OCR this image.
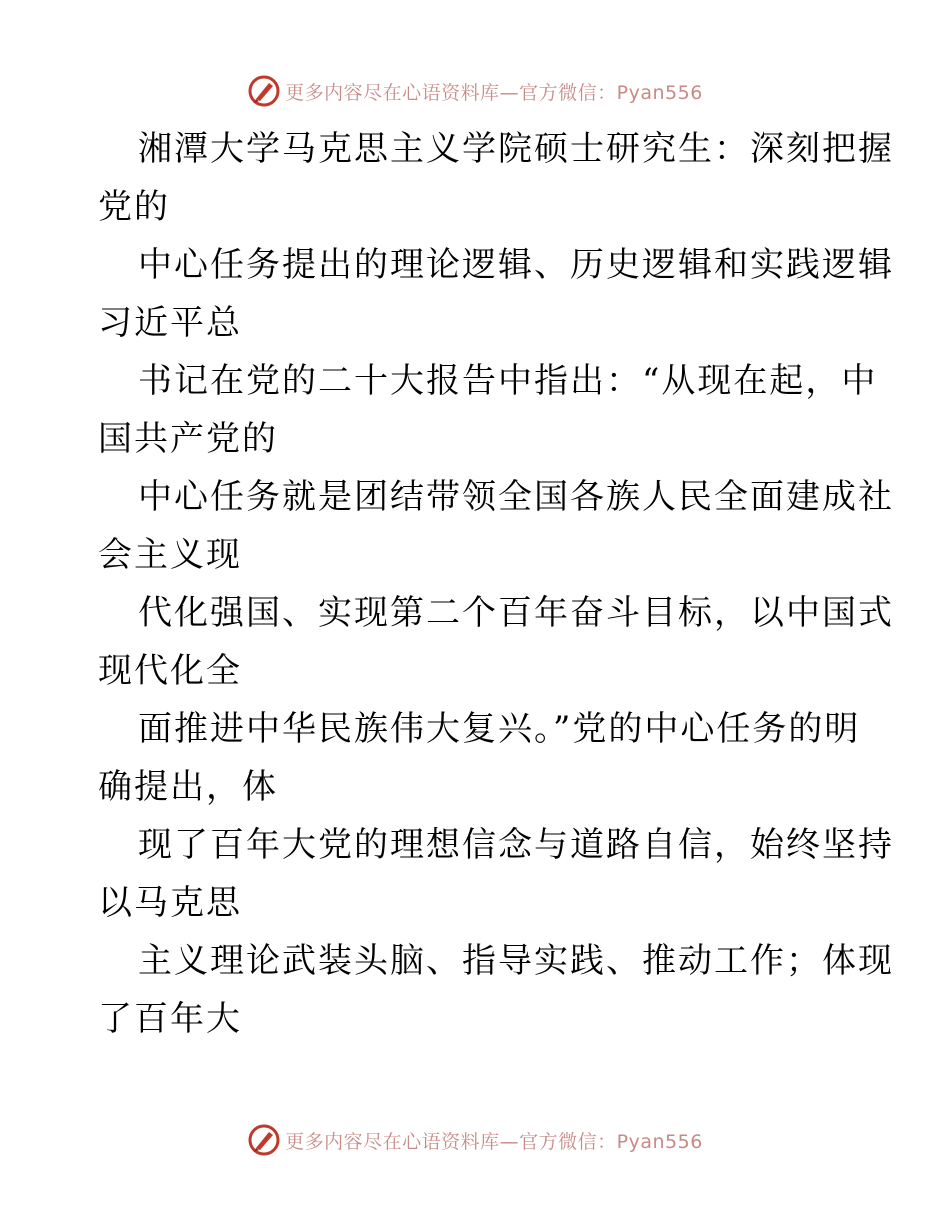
更多内容尽在心语资料库—官方微信：Pyan556
湘潭大学马克思主义学院硕士研究生：深刻把握
党的
中心任务提出的理论逻辑、历史逻辑和实践逻辑
习近平总
书记在党的二十大报告中指出：“从现在起，中
国共产党的
中心任务就是团结带领全国各族人民全面建成社
会主义现
代化强国、实现第二个百年奋斗目标，以中国式
现代化全
面推进中华民族伟大复兴。”党的中心任务的明
确提出，体
现了百年大党的理想信念与道路自信，始终坚持
以马克思
主义理论武装头脑、指导实践、推动工作；体现
了百年大
更多内容尽在心语资料库—官方微信：Pyan556
